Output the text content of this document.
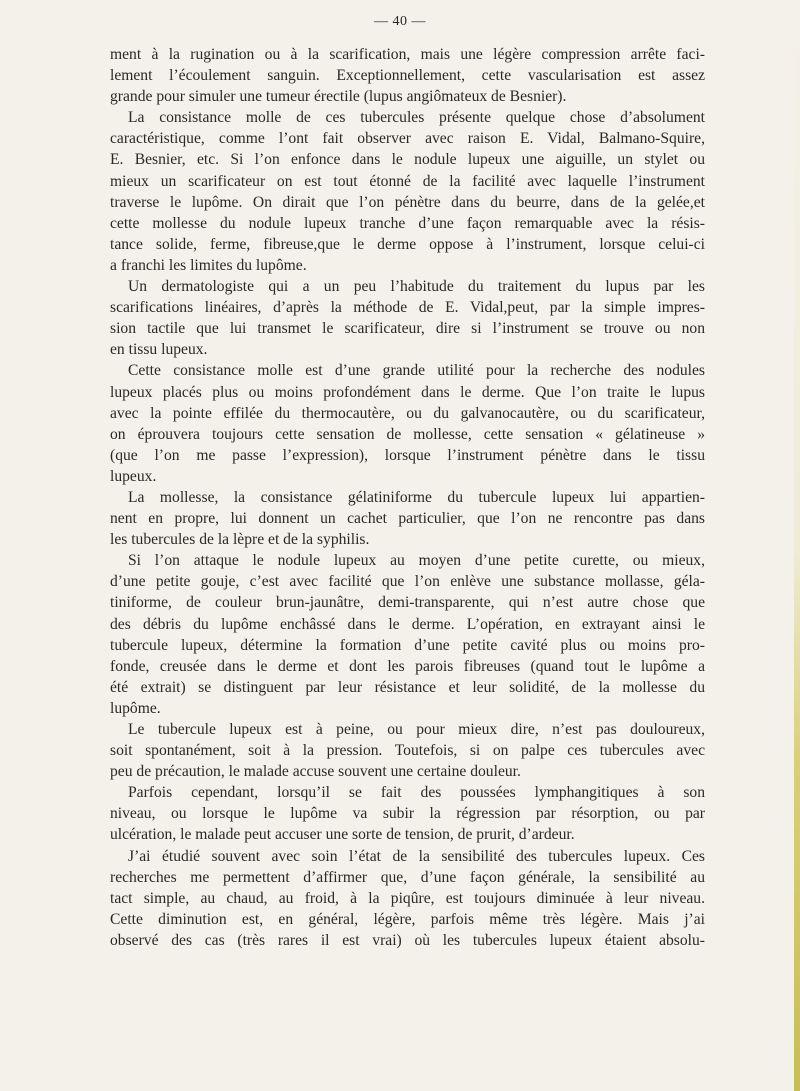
— 40 —
ment à la rugination ou à la scarification, mais une légère compression arrête faci-
lement l’écoulement sanguin. Exceptionnellement, cette vascularisation est assez
grande pour simuler une tumeur érectile (lupus angiômateux de Besnier).
La consistance molle de ces tubercules présente quelque chose d’absolument
caractéristique, comme l’ont fait observer avec raison E. Vidal, Balmano-Squire,
E. Besnier, etc. Si l’on enfonce dans le nodule lupeux une aiguille, un stylet ou
mieux un scarificateur on est tout étonné de la facilité avec laquelle l’instrument
traverse le lupôme. On dirait que l’on pénètre dans du beurre, dans de la gelée,et
cette mollesse du nodule lupeux tranche d’une façon remarquable avec la résis-
tance solide, ferme, fibreuse,que le derme oppose à l’instrument, lorsque celui-ci
a franchi les limites du lupôme.
Un dermatologiste qui a un peu l’habitude du traitement du lupus par les
scarifications linéaires, d’après la méthode de E. Vidal,peut, par la simple impres-
sion tactile que lui transmet le scarificateur, dire si l’instrument se trouve ou non
en tissu lupeux.
Cette consistance molle est d’une grande utilité pour la recherche des nodules
lupeux placés plus ou moins profondément dans le derme. Que l’on traite le lupus
avec la pointe effilée du thermocautère, ou du galvanocautère, ou du scarificateur,
on éprouvera toujours cette sensation de mollesse, cette sensation « gélatineuse »
(que l’on me passe l’expression), lorsque l’instrument pénètre dans le tissu
lupeux.
La mollesse, la consistance gélatiniforme du tubercule lupeux lui appartien-
nent en propre, lui donnent un cachet particulier, que l’on ne rencontre pas dans
les tubercules de la lèpre et de la syphilis.
Si l’on attaque le nodule lupeux au moyen d’une petite curette, ou mieux,
d’une petite gouje, c’est avec facilité que l’on enlève une substance mollasse, géla-
tiniforme, de couleur brun-jaunâtre, demi-transparente, qui n’est autre chose que
des débris du lupôme enchâssé dans le derme. L’opération, en extrayant ainsi le
tubercule lupeux, détermine la formation d’une petite cavité plus ou moins pro-
fonde, creusée dans le derme et dont les parois fibreuses (quand tout le lupôme a
été extrait) se distinguent par leur résistance et leur solidité, de la mollesse du
lupôme.
Le tubercule lupeux est à peine, ou pour mieux dire, n’est pas douloureux,
soit spontanément, soit à la pression. Toutefois, si on palpe ces tubercules avec
peu de précaution, le malade accuse souvent une certaine douleur.
Parfois cependant, lorsqu’il se fait des poussées lymphangitiques à son
niveau, ou lorsque le lupôme va subir la régression par résorption, ou par
ulcération, le malade peut accuser une sorte de tension, de prurit, d’ardeur.
J’ai étudié souvent avec soin l’état de la sensibilité des tubercules lupeux. Ces
recherches me permettent d’affirmer que, d’une façon générale, la sensibilité au
tact simple, au chaud, au froid, à la piqûre, est toujours diminuée à leur niveau.
Cette diminution est, en général, légère, parfois même très légère. Mais j’ai
observé des cas (très rares il est vrai) où les tubercules lupeux étaient absolu-
